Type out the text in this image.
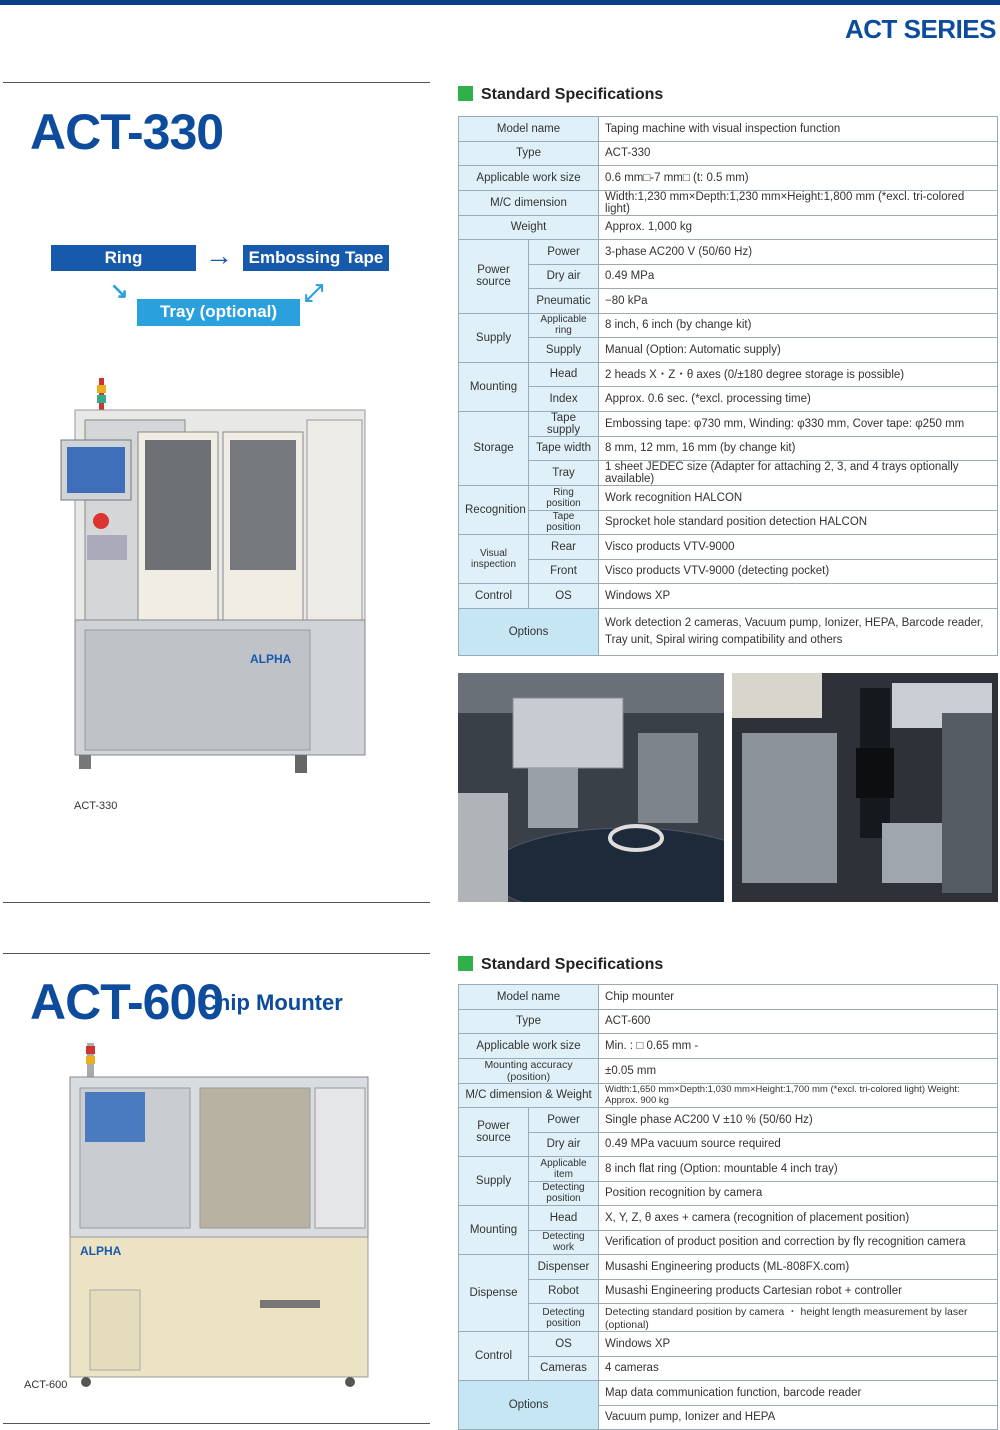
ACT SERIES
ACT-330
Ring	→ Embossing Tape
↘
Tray (optional)
⤢
ALPHA
ACT-330
Standard Specifications
Model name		Taping machine with visual inspection function
Type		ACT-330
Applicable work size		0.6 mm□-7 mm□ (t: 0.5 mm)
M/C dimension		Width:1,230 mm×Depth:1,230 mm×Height:1,800 mm (*excl. tri-colored light)
Weight		Approx. 1,000 kg
Power source	Power	3-phase AC200 V (50/60 Hz)
	Dry air	0.49 MPa
	Pneumatic	−80 kPa
Supply	Applicable ring	8 inch, 6 inch (by change kit)
	Supply	Manual (Option: Automatic supply)
Mounting	Head	2 heads X・Z・θ axes (0/±180 degree storage is possible)
	Index	Approx. 0.6 sec. (*excl. processing time)
Storage	Tape supply	Embossing tape: φ730 mm, Winding: φ330 mm, Cover tape: φ250 mm
	Tape width	8 mm, 12 mm, 16 mm (by change kit)
	Tray	1 sheet JEDEC size (Adapter for attaching 2, 3, and 4 trays optionally available)
Recognition	Ring position	Work recognition HALCON
	Tape position	Sprocket hole standard position detection HALCON
Visual inspection	Rear	Visco products VTV-9000
	Front	Visco products VTV-9000 (detecting pocket)
Control	OS	Windows XP
Options		Work detection 2 cameras, Vacuum pump, Ionizer, HEPA, Barcode reader,
Tray unit, Spiral wiring compatibility and others
ACT-600
Chip Mounter
ALPHA
ACT-600
Standard Specifications
Model name		Chip mounter
Type		ACT-600
Applicable work size		Min. : □ 0.65 mm -
Mounting accuracy (position)		±0.05 mm
M/C dimension & Weight		Width:1,650 mm×Depth:1,030 mm×Height:1,700 mm (*excl. tri-colored light) Weight: Approx. 900 kg
Power source	Power	Single phase AC200 V ±10 % (50/60 Hz)
	Dry air	0.49 MPa vacuum source required
Supply	Applicable item	8 inch flat ring (Option: mountable 4 inch tray)
	Detecting position	Position recognition by camera
Mounting	Head	X, Y, Z, θ axes + camera (recognition of placement position)
	Detecting work	Verification of product position and correction by fly recognition camera
Dispense	Dispenser	Musashi Engineering products (ML-808FX.com)
	Robot	Musashi Engineering products Cartesian robot + controller
	Detecting position	Detecting standard position by camera ・ height length measurement by laser (optional)
Control	OS	Windows XP
	Cameras	4 cameras
Options		Map data communication function, barcode reader
		Vacuum pump, Ionizer and HEPA
